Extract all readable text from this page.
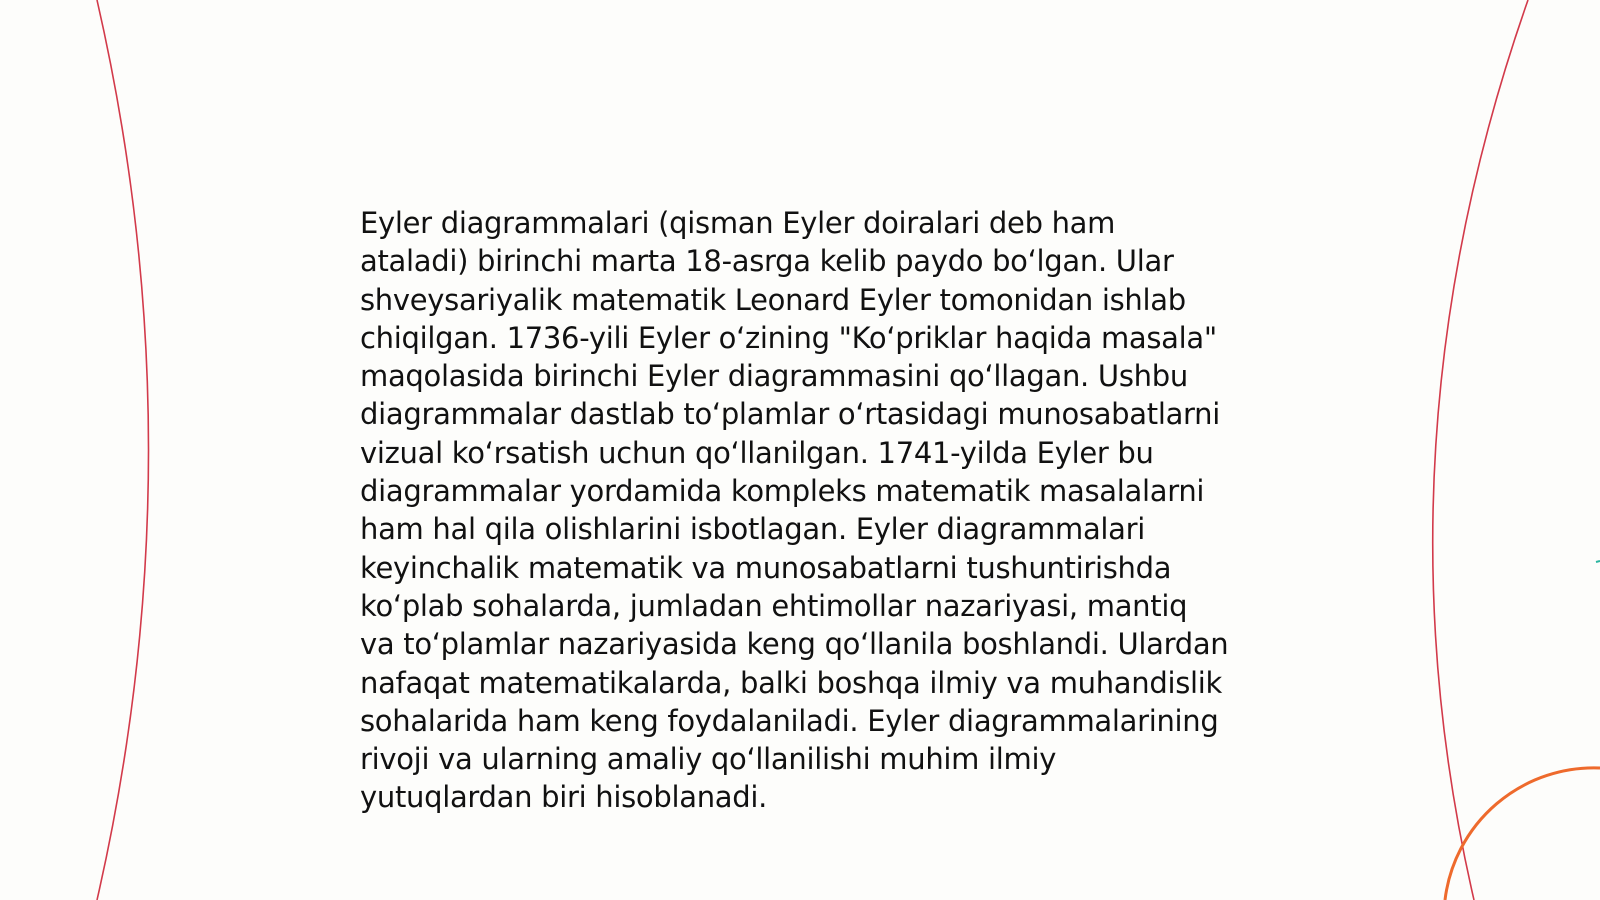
Eyler diagrammalari (qisman Eyler doiralari deb ham ataladi) birinchi marta 18-asrga kelib paydo boʻlgan. Ular shveysariyalik matematik Leonard Eyler tomonidan ishlab chiqilgan. 1736-yili Eyler oʻzining "Koʻpriklar haqida masala" maqolasida birinchi Eyler diagrammasini qoʻllagan. Ushbu diagrammalar dastlab toʻplamlar oʻrtasidagi munosabatlarni vizual koʻrsatish uchun qoʻllanilgan. 1741-yilda Eyler bu diagrammalar yordamida kompleks matematik masalalarni ham hal qila olishlarini isbotlagan. Eyler diagrammalari keyinchalik matematik va munosabatlarni tushuntirishda koʻplab sohalarda, jumladan ehtimollar nazariyasi, mantiq va toʻplamlar nazariyasida keng qoʻllanila boshlandi. Ulardan nafaqat matematikalarda, balki boshqa ilmiy va muhandislik sohalarida ham keng foydalaniladi. Eyler diagrammalarining rivoji va ularning amaliy qoʻllanilishi muhim ilmiy yutuqlardan biri hisoblanadi.
